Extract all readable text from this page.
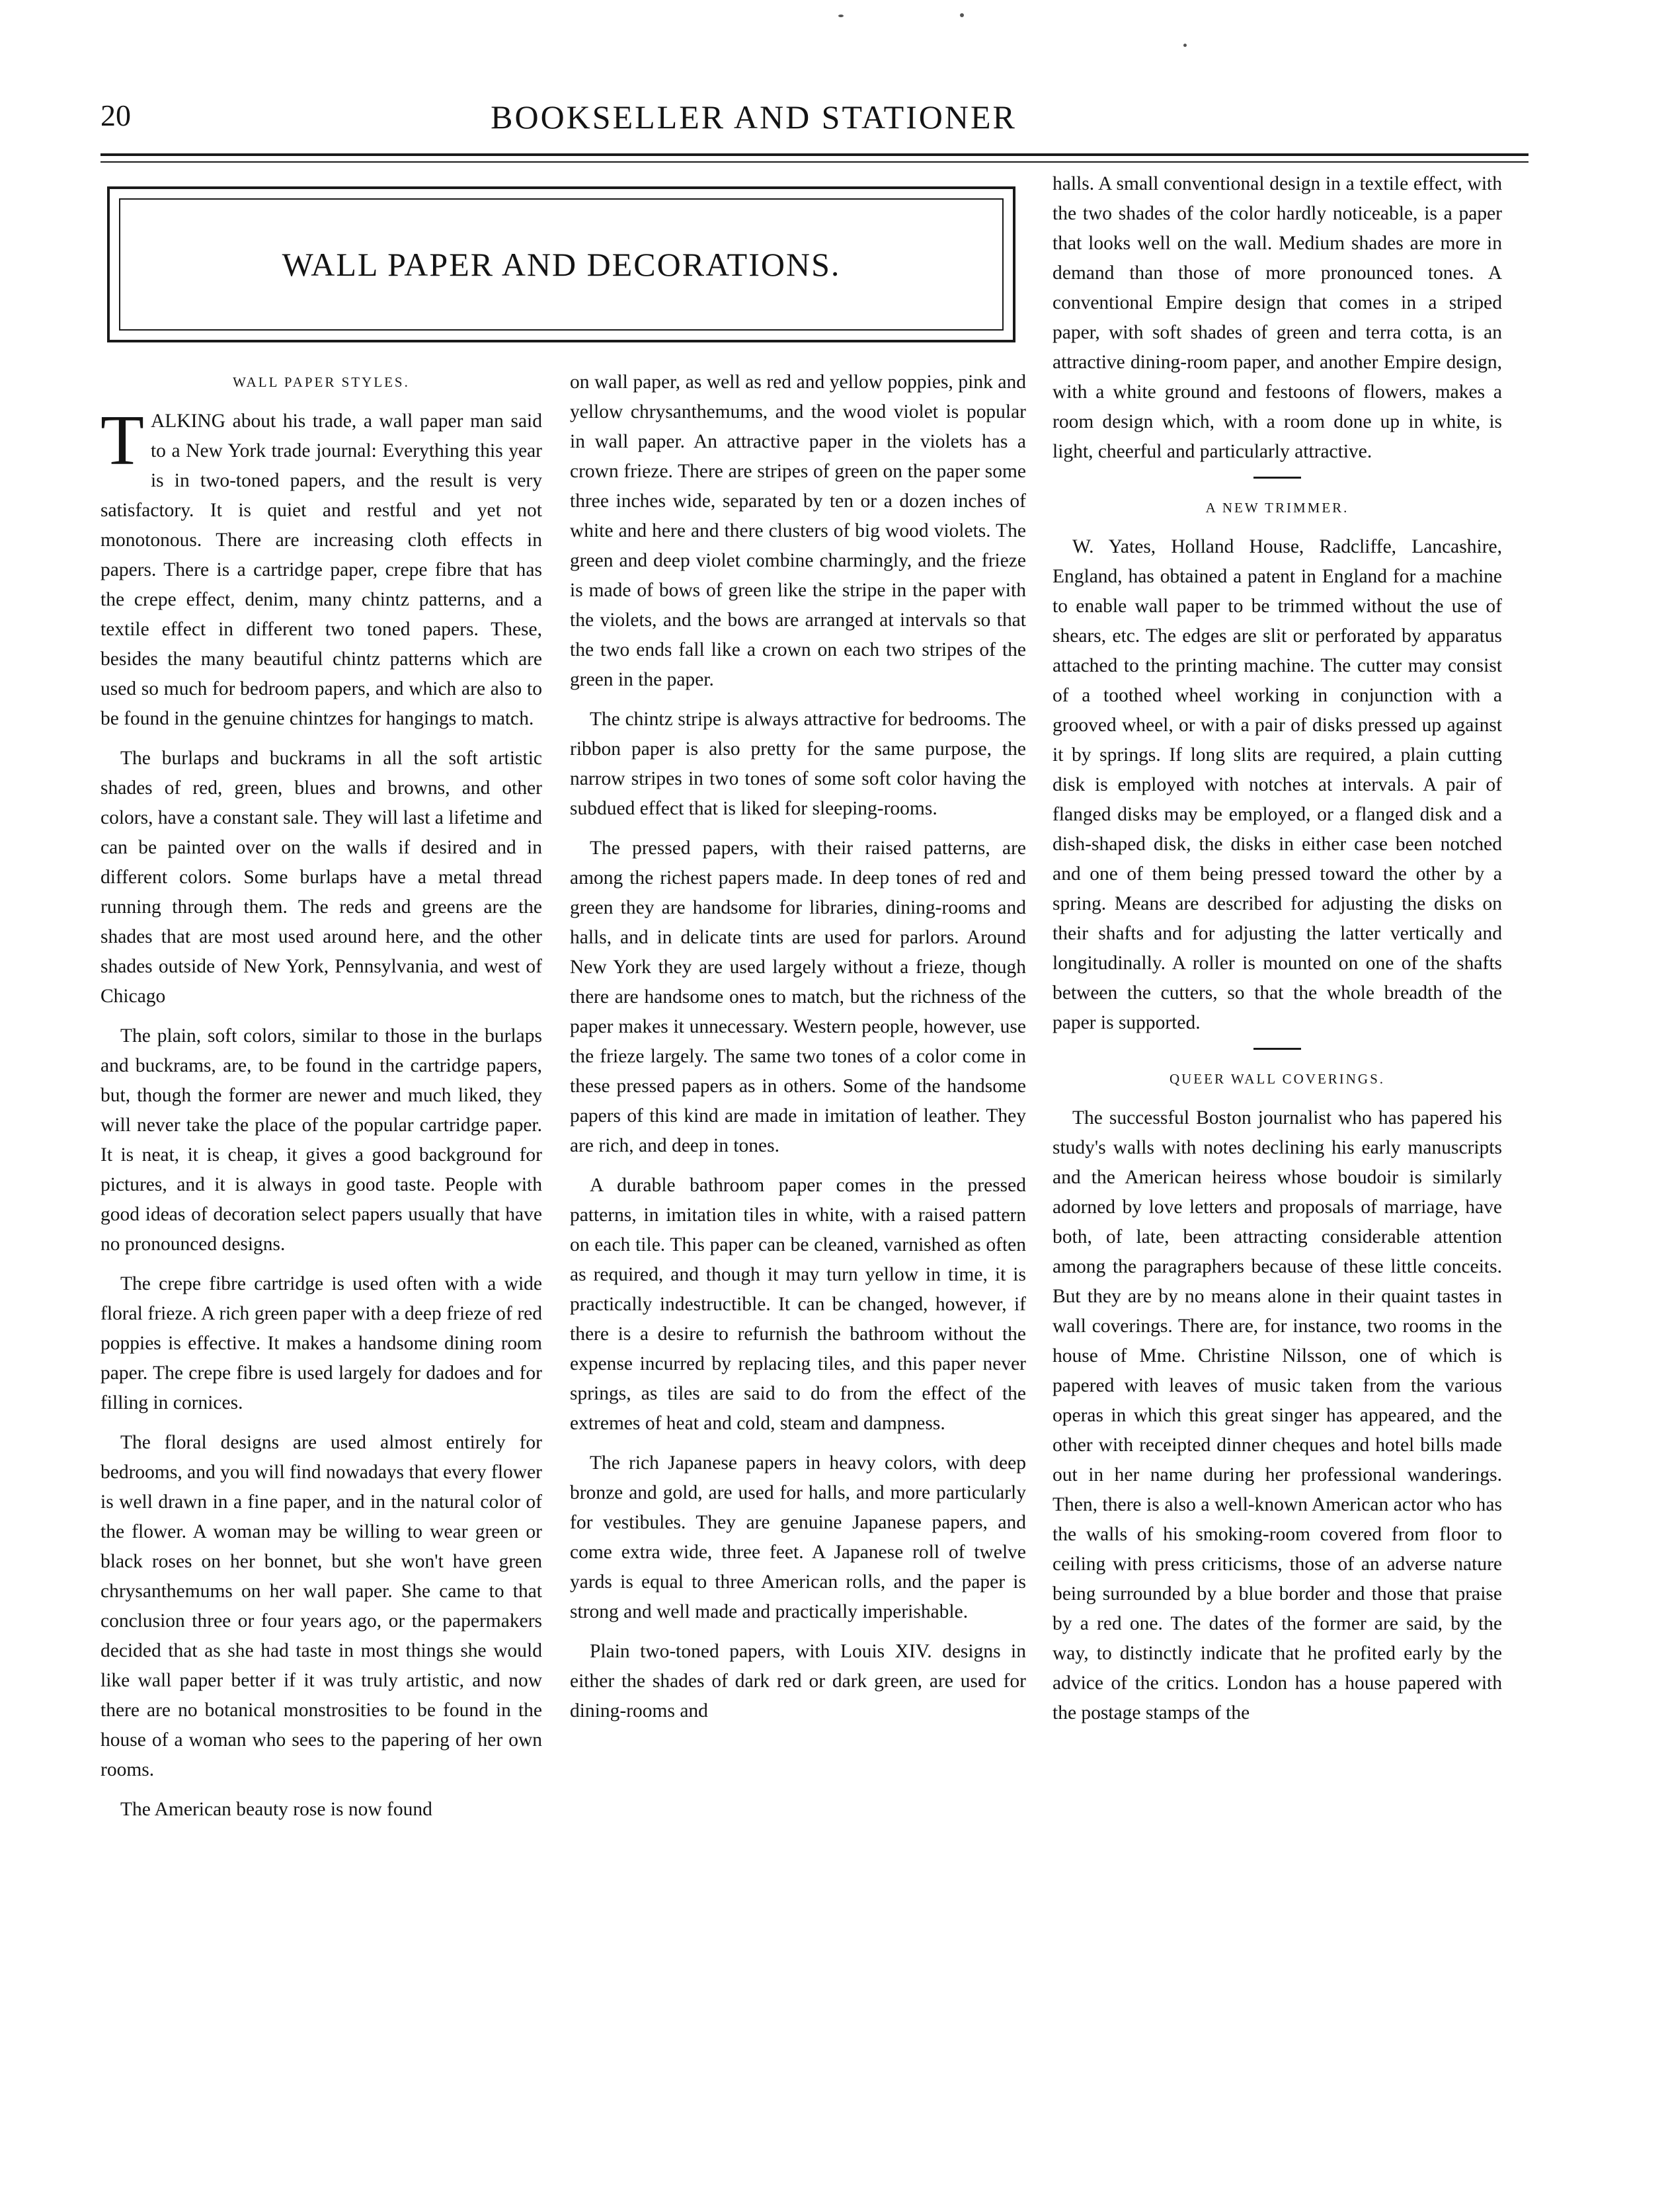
20	BOOKSELLER AND STATIONER
WALL PAPER AND DECORATIONS.
WALL PAPER STYLES.

TALKING about his trade, a wall paper man said to a New York trade journal: Everything this year is in two-toned papers, and the result is very satisfactory. It is quiet and restful and yet not monotonous. There are increasing cloth effects in papers. There is a cartridge paper, crepe fibre that has the crepe effect, denim, many chintz patterns, and a textile effect in different two toned papers. These, besides the many beautiful chintz patterns which are used so much for bedroom papers, and which are also to be found in the genuine chintzes for hangings to match.

The burlaps and buckrams in all the soft artistic shades of red, green, blues and browns, and other colors, have a constant sale. They will last a lifetime and can be painted over on the walls if desired and in different colors. Some burlaps have a metal thread running through them. The reds and greens are the shades that are most used around here, and the other shades outside of New York, Pennsylvania, and west of Chicago

The plain, soft colors, similar to those in the burlaps and buckrams, are, to be found in the cartridge papers, but, though the former are newer and much liked, they will never take the place of the popular cartridge paper. It is neat, it is cheap, it gives a good background for pictures, and it is always in good taste. People with good ideas of decoration select papers usually that have no pronounced designs.

The crepe fibre cartridge is used often with a wide floral frieze. A rich green paper with a deep frieze of red poppies is effective. It makes a handsome dining room paper. The crepe fibre is used largely for dadoes and for filling in cornices.

The floral designs are used almost entirely for bedrooms, and you will find nowadays that every flower is well drawn in a fine paper, and in the natural color of the flower. A woman may be willing to wear green or black roses on her bonnet, but she won't have green chrysanthemums on her wall paper. She came to that conclusion three or four years ago, or the papermakers decided that as she had taste in most things she would like wall paper better if it was truly artistic, and now there are no botanical monstrosities to be found in the house of a woman who sees to the papering of her own rooms.

The American beauty rose is now found

on wall paper, as well as red and yellow poppies, pink and yellow chrysanthemums, and the wood violet is popular in wall paper. An attractive paper in the violets has a crown frieze. There are stripes of green on the paper some three inches wide, separated by ten or a dozen inches of white and here and there clusters of big wood violets. The green and deep violet combine charmingly, and the frieze is made of bows of green like the stripe in the paper with the violets, and the bows are arranged at intervals so that the two ends fall like a crown on each two stripes of the green in the paper.

The chintz stripe is always attractive for bedrooms. The ribbon paper is also pretty for the same purpose, the narrow stripes in two tones of some soft color having the subdued effect that is liked for sleeping-rooms.

The pressed papers, with their raised patterns, are among the richest papers made. In deep tones of red and green they are handsome for libraries, dining-rooms and halls, and in delicate tints are used for parlors. Around New York they are used largely without a frieze, though there are handsome ones to match, but the richness of the paper makes it unnecessary. Western people, however, use the frieze largely. The same two tones of a color come in these pressed papers as in others. Some of the handsome papers of this kind are made in imitation of leather. They are rich, and deep in tones.

A durable bathroom paper comes in the pressed patterns, in imitation tiles in white, with a raised pattern on each tile. This paper can be cleaned, varnished as often as required, and though it may turn yellow in time, it is practically indestructible. It can be changed, however, if there is a desire to refurnish the bathroom without the expense incurred by replacing tiles, and this paper never springs, as tiles are said to do from the effect of the extremes of heat and cold, steam and dampness.

The rich Japanese papers in heavy colors, with deep bronze and gold, are used for halls, and more particularly for vestibules. They are genuine Japanese papers, and come extra wide, three feet. A Japanese roll of twelve yards is equal to three American rolls, and the paper is strong and well made and practically imperishable.

Plain two-toned papers, with Louis XIV. designs in either the shades of dark red or dark green, are used for dining-rooms and

halls. A small conventional design in a textile effect, with the two shades of the color hardly noticeable, is a paper that looks well on the wall. Medium shades are more in demand than those of more pronounced tones. A conventional Empire design that comes in a striped paper, with soft shades of green and terra cotta, is an attractive dining-room paper, and another Empire design, with a white ground and festoons of flowers, makes a room design which, with a room done up in white, is light, cheerful and particularly attractive.

A NEW TRIMMER.

W. Yates, Holland House, Radcliffe, Lancashire, England, has obtained a patent in England for a machine to enable wall paper to be trimmed without the use of shears, etc. The edges are slit or perforated by apparatus attached to the printing machine. The cutter may consist of a toothed wheel working in conjunction with a grooved wheel, or with a pair of disks pressed up against it by springs. If long slits are required, a plain cutting disk is employed with notches at intervals. A pair of flanged disks may be employed, or a flanged disk and a dish-shaped disk, the disks in either case been notched and one of them being pressed toward the other by a spring. Means are described for adjusting the disks on their shafts and for adjusting the latter vertically and longitudinally. A roller is mounted on one of the shafts between the cutters, so that the whole breadth of the paper is supported.

QUEER WALL COVERINGS.

The successful Boston journalist who has papered his study's walls with notes declining his early manuscripts and the American heiress whose boudoir is similarly adorned by love letters and proposals of marriage, have both, of late, been attracting considerable attention among the paragraphers because of these little conceits. But they are by no means alone in their quaint tastes in wall coverings. There are, for instance, two rooms in the house of Mme. Christine Nilsson, one of which is papered with leaves of music taken from the various operas in which this great singer has appeared, and the other with receipted dinner cheques and hotel bills made out in her name during her professional wanderings. Then, there is also a well-known American actor who has the walls of his smoking-room covered from floor to ceiling with press criticisms, those of an adverse nature being surrounded by a blue border and those that praise by a red one. The dates of the former are said, by the way, to distinctly indicate that he profited early by the advice of the critics. London has a house papered with the postage stamps of the
